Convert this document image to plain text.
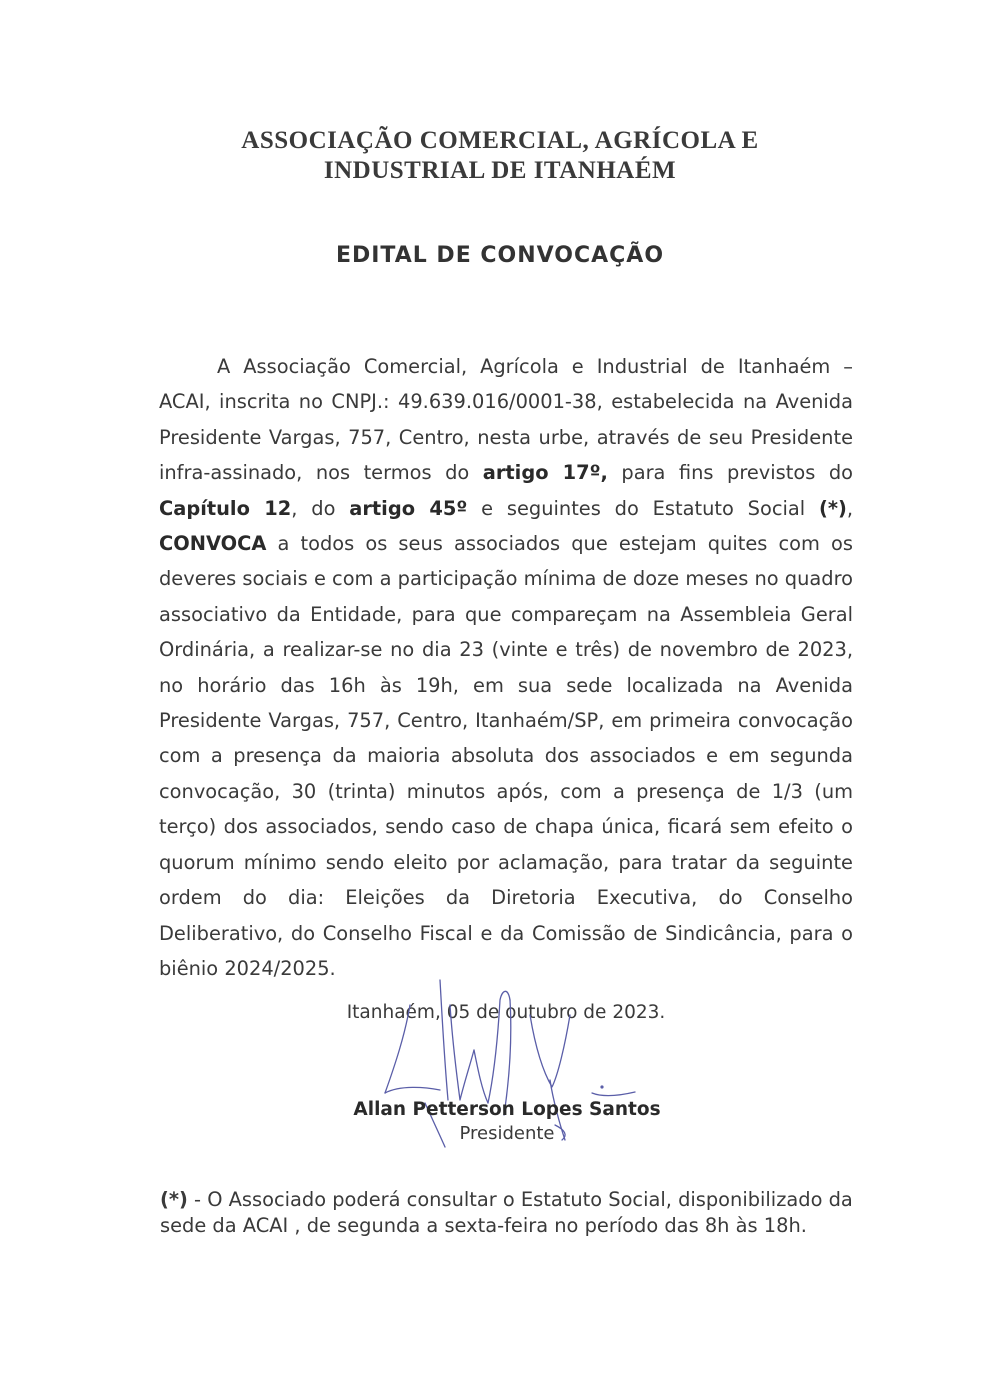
ASSOCIAÇÃO COMERCIAL, AGRÍCOLA E
INDUSTRIAL DE ITANHAÉM
EDITAL DE CONVOCAÇÃO

A Associação Comercial, Agrícola e Industrial de Itanhaém – ACAI, inscrita no CNPJ.: 49.639.016/0001-38, estabelecida na Avenida Presidente Vargas, 757, Centro, nesta urbe, através de seu Presidente infra-assinado, nos termos do artigo 17º, para fins previstos do Capítulo 12, do artigo 45º e seguintes do Estatuto Social (*), CONVOCA a todos os seus associados que estejam quites com os deveres sociais e com a participação mínima de doze meses no quadro associativo da Entidade, para que compareçam na Assembleia Geral Ordinária, a realizar-se no dia 23 (vinte e três) de novembro de 2023, no horário das 16h às 19h, em sua sede localizada na Avenida Presidente Vargas, 757, Centro, Itanhaém/SP, em primeira convocação com a presença da maioria absoluta dos associados e em segunda convocação, 30 (trinta) minutos após, com a presença de 1/3 (um terço) dos associados, sendo caso de chapa única, ficará sem efeito o quorum mínimo sendo eleito por aclamação, para tratar da seguinte ordem do dia: Eleições da Diretoria Executiva, do Conselho Deliberativo, do Conselho Fiscal e da Comissão de Sindicância, para o biênio 2024/2025.

Itanhaém, 05 de outubro de 2023.
Allan Petterson Lopes Santos
Presidente

(*) - O Associado poderá consultar o Estatuto Social, disponibilizado da sede da ACAI , de segunda a sexta-feira no período das 8h às 18h.
